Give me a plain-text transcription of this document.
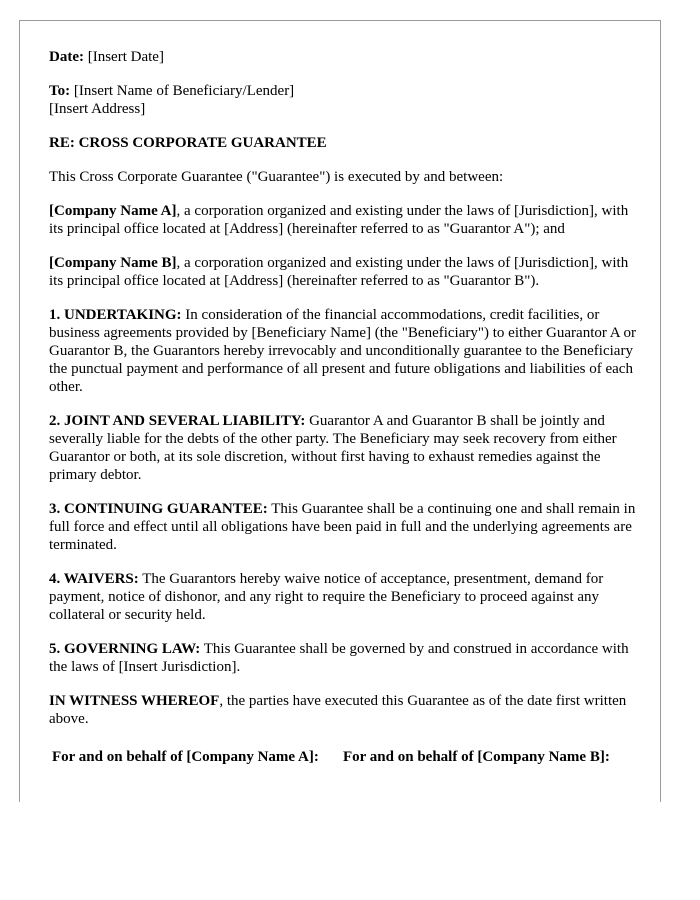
Date: [Insert Date]

To: [Insert Name of Beneficiary/Lender]
[Insert Address]

RE: CROSS CORPORATE GUARANTEE

This Cross Corporate Guarantee ("Guarantee") is executed by and between:

[Company Name A], a corporation organized and existing under the laws of [Jurisdiction], with its principal office located at [Address] (hereinafter referred to as "Guarantor A"); and

[Company Name B], a corporation organized and existing under the laws of [Jurisdiction], with its principal office located at [Address] (hereinafter referred to as "Guarantor B").

1. UNDERTAKING: In consideration of the financial accommodations, credit facilities, or business agreements provided by [Beneficiary Name] (the "Beneficiary") to either Guarantor A or Guarantor B, the Guarantors hereby irrevocably and unconditionally guarantee to the Beneficiary the punctual payment and performance of all present and future obligations and liabilities of each other.

2. JOINT AND SEVERAL LIABILITY: Guarantor A and Guarantor B shall be jointly and severally liable for the debts of the other party. The Beneficiary may seek recovery from either Guarantor or both, at its sole discretion, without first having to exhaust remedies against the primary debtor.

3. CONTINUING GUARANTEE: This Guarantee shall be a continuing one and shall remain in full force and effect until all obligations have been paid in full and the underlying agreements are terminated.

4. WAIVERS: The Guarantors hereby waive notice of acceptance, presentment, demand for payment, notice of dishonor, and any right to require the Beneficiary to proceed against any collateral or security held.

5. GOVERNING LAW: This Guarantee shall be governed by and construed in accordance with the laws of [Insert Jurisdiction].

IN WITNESS WHEREOF, the parties have executed this Guarantee as of the date first written above.

For and on behalf of [Company Name A]:	For and on behalf of [Company Name B]:
